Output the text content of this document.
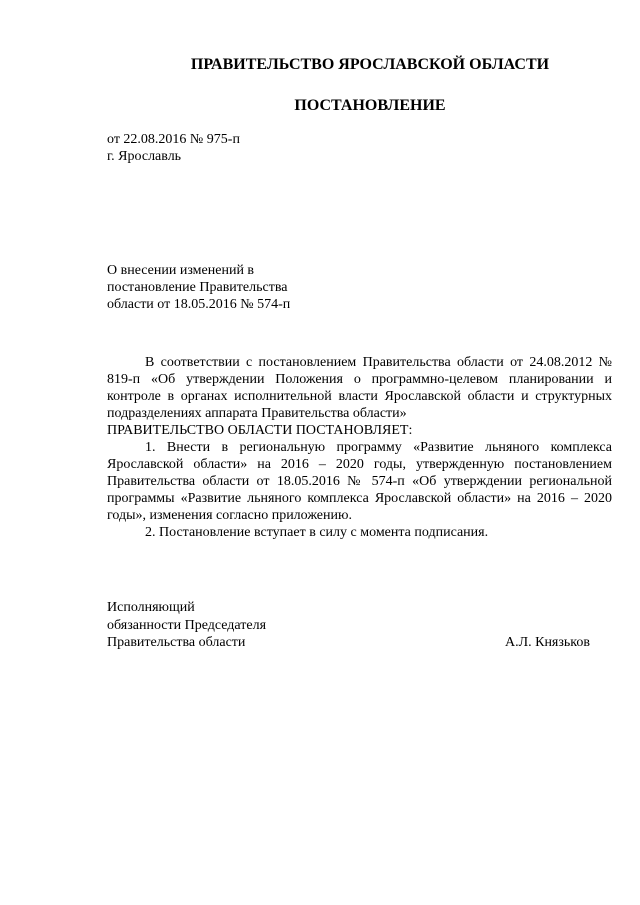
ПРАВИТЕЛЬСТВО ЯРОСЛАВСКОЙ ОБЛАСТИ
ПОСТАНОВЛЕНИЕ
от 22.08.2016 № 975-п
г. Ярославль
О внесении изменений в
постановление Правительства
области от 18.05.2016 № 574-п

В соответствии с постановлением Правительства области от 24.08.2012 № 819-п «Об утверждении Положения о программно-целевом планировании и контроле в органах исполнительной власти Ярославской области и структурных подразделениях аппарата Правительства области»

ПРАВИТЕЛЬСТВО ОБЛАСТИ ПОСТАНОВЛЯЕТ:

1. Внести в региональную программу «Развитие льняного комплекса Ярославской области» на 2016 – 2020 годы, утвержденную постановлением Правительства области от 18.05.2016 № 574-п «Об утверждении региональной программы «Развитие льняного комплекса Ярославской области» на 2016 – 2020 годы», изменения согласно приложению.

2. Постановление вступает в силу с момента подписания.

Исполняющий
обязанности Председателя
Правительства области	А.Л. Князьков
